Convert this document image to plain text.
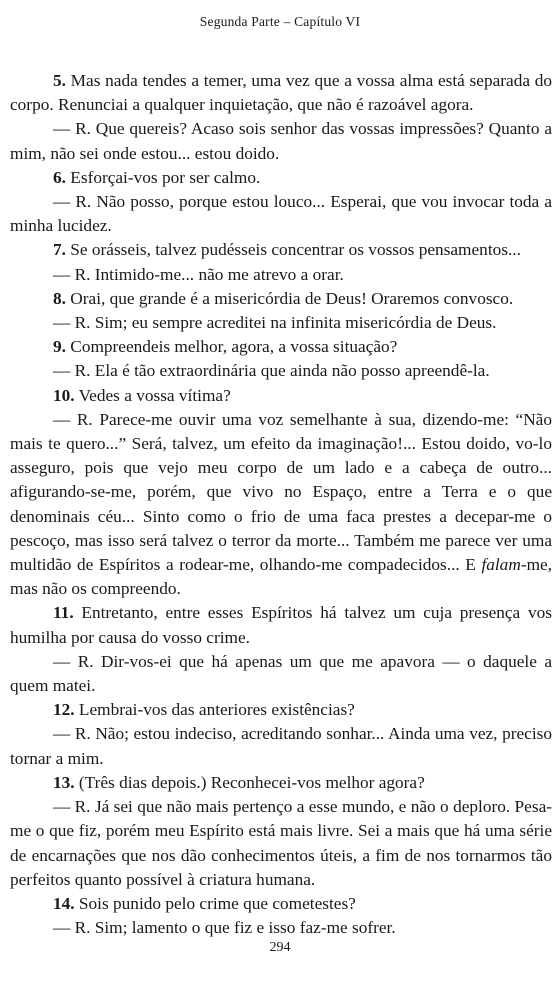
Segunda Parte – Capítulo VI

5. Mas nada tendes a temer, uma vez que a vossa alma está separada do corpo. Renunciai a qualquer inquietação, que não é razoável agora.

— R. Que quereis? Acaso sois senhor das vossas impressões? Quanto a mim, não sei onde estou... estou doido.

6. Esforçai-vos por ser calmo.

— R. Não posso, porque estou louco... Esperai, que vou invocar toda a minha lucidez.

7. Se orásseis, talvez pudésseis concentrar os vossos pensamentos...

— R. Intimido-me... não me atrevo a orar.

8. Orai, que grande é a misericórdia de Deus! Oraremos convosco.

— R. Sim; eu sempre acreditei na infinita misericórdia de Deus.

9. Compreendeis melhor, agora, a vossa situação?

— R. Ela é tão extraordinária que ainda não posso apreendê-la.

10. Vedes a vossa vítima?

— R. Parece-me ouvir uma voz semelhante à sua, dizendo-me: “Não mais te quero...” Será, talvez, um efeito da imaginação!... Estou doido, vo-lo asseguro, pois que vejo meu corpo de um lado e a cabeça de outro... afigurando-se-me, porém, que vivo no Espaço, entre a Terra e o que denominais céu... Sinto como o frio de uma faca prestes a decepar-me o pescoço, mas isso será talvez o terror da morte... Também me parece ver uma multidão de Espíritos a rodear-me, olhando-me compadecidos... E falam-me, mas não os compreendo.

11. Entretanto, entre esses Espíritos há talvez um cuja presença vos humilha por causa do vosso crime.

— R. Dir-vos-ei que há apenas um que me apavora — o daquele a quem matei.

12. Lembrai-vos das anteriores existências?

— R. Não; estou indeciso, acreditando sonhar... Ainda uma vez, preciso tornar a mim.

13. (Três dias depois.) Reconhecei-vos melhor agora?

— R. Já sei que não mais pertenço a esse mundo, e não o deploro. Pesa-me o que fiz, porém meu Espírito está mais livre. Sei a mais que há uma série de encarnações que nos dão conhecimentos úteis, a fim de nos tornarmos tão perfeitos quanto possível à criatura humana.

14. Sois punido pelo crime que cometestes?

— R. Sim; lamento o que fiz e isso faz-me sofrer.

294
